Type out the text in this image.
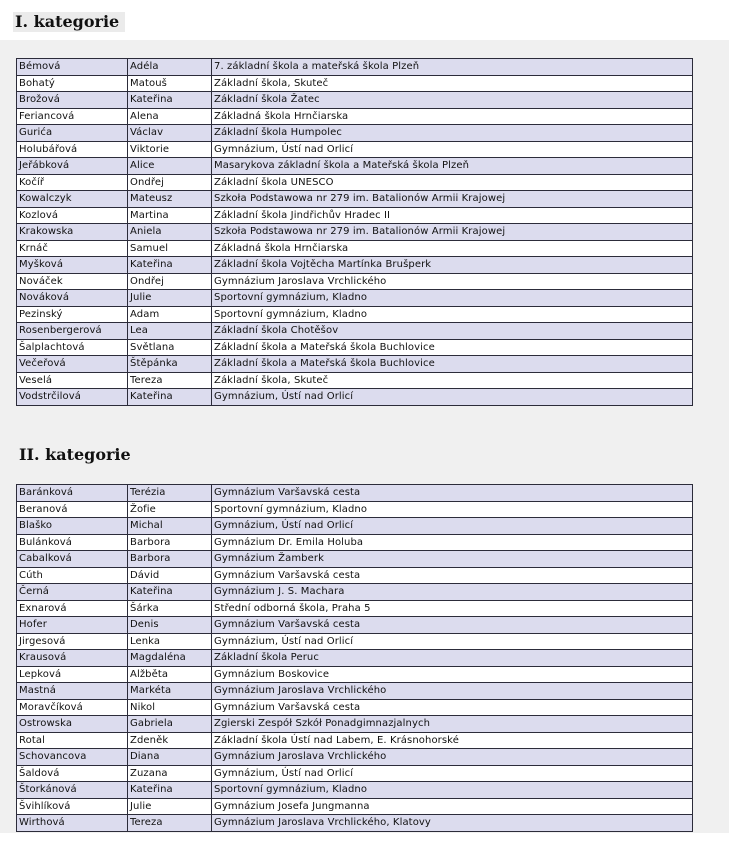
I. kategorie
Bémová	Adéla	7. základní škola a mateřská škola Plzeň
Bohatý	Matouš	Základní škola, Skuteč
Brožová	Kateřina	Základní škola Žatec
Feriancová	Alena	Základná škola Hrnčiarska
Gurića	Václav	Základní škola Humpolec
Holubářová	Viktorie	Gymnázium, Ústí nad Orlicí
Jeřábková	Alice	Masarykova základní škola a Mateřská škola Plzeň
Kočíř	Ondřej	Základní škola UNESCO
Kowalczyk	Mateusz	Szkoła Podstawowa nr 279 im. Batalionów Armii Krajowej
Kozlová	Martina	Základní škola Jindřichův Hradec II
Krakowska	Aniela	Szkoła Podstawowa nr 279 im. Batalionów Armii Krajowej
Krnáč	Samuel	Základná škola Hrnčiarska
Myšková	Kateřina	Základní škola Vojtěcha Martínka Brušperk
Nováček	Ondřej	Gymnázium Jaroslava Vrchlického
Nováková	Julie	Sportovní gymnázium, Kladno
Pezinský	Adam	Sportovní gymnázium, Kladno
Rosenbergerová	Lea	Základní škola Chotěšov
Šalplachtová	Světlana	Základní škola a Mateřská škola Buchlovice
Večeřová	Štěpánka	Základní škola a Mateřská škola Buchlovice
Veselá	Tereza	Základní škola, Skuteč
Vodstrčilová	Kateřina	Gymnázium, Ústí nad Orlicí
II. kategorie
Baránková	Terézia	Gymnázium Varšavská cesta
Beranová	Žofie	Sportovní gymnázium, Kladno
Blaško	Michal	Gymnázium, Ústí nad Orlicí
Bulánková	Barbora	Gymnázium Dr. Emila Holuba
Cabalková	Barbora	Gymnázium Žamberk
Cúth	Dávid	Gymnázium Varšavská cesta
Černá	Kateřina	Gymnázium J. S. Machara
Exnarová	Šárka	Střední odborná škola, Praha 5
Hofer	Denis	Gymnázium Varšavská cesta
Jirgesová	Lenka	Gymnázium, Ústí nad Orlicí
Krausová	Magdaléna	Základní škola Peruc
Lepková	Alžběta	Gymnázium Boskovice
Mastná	Markéta	Gymnázium Jaroslava Vrchlického
Moravčíková	Nikol	Gymnázium Varšavská cesta
Ostrowska	Gabriela	Zgierski Zespół Szkół Ponadgimnazjalnych
Rotal	Zdeněk	Základní škola Ústí nad Labem, E. Krásnohorské
Schovancova	Diana	Gymnázium Jaroslava Vrchlického
Šaldová	Zuzana	Gymnázium, Ústí nad Orlicí
Štorkánová	Kateřina	Sportovní gymnázium, Kladno
Švihlíková	Julie	Gymnázium Josefa Jungmanna
Wirthová	Tereza	Gymnázium Jaroslava Vrchlického, Klatovy
